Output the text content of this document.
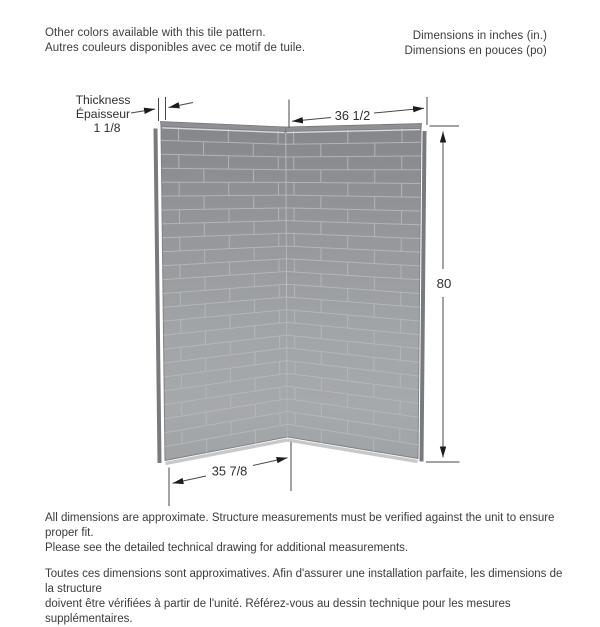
Other colors available with this tile pattern.
Autres couleurs disponibles avec ce motif de tuile.
Dimensions in inches (in.)
Dimensions en pouces (po)
Thickness
Épaisseur
1 1/8
36 1/2
80
35 7/8
All dimensions are approximate. Structure measurements must be verified against the unit to ensure proper fit.
Please see the detailed technical drawing for additional measurements.
Toutes ces dimensions sont approximatives. Afin d'assurer une installation parfaite, les dimensions de la structure
doivent être vérifiées à partir de l'unité. Référez-vous au dessin technique pour les mesures supplémentaires.
